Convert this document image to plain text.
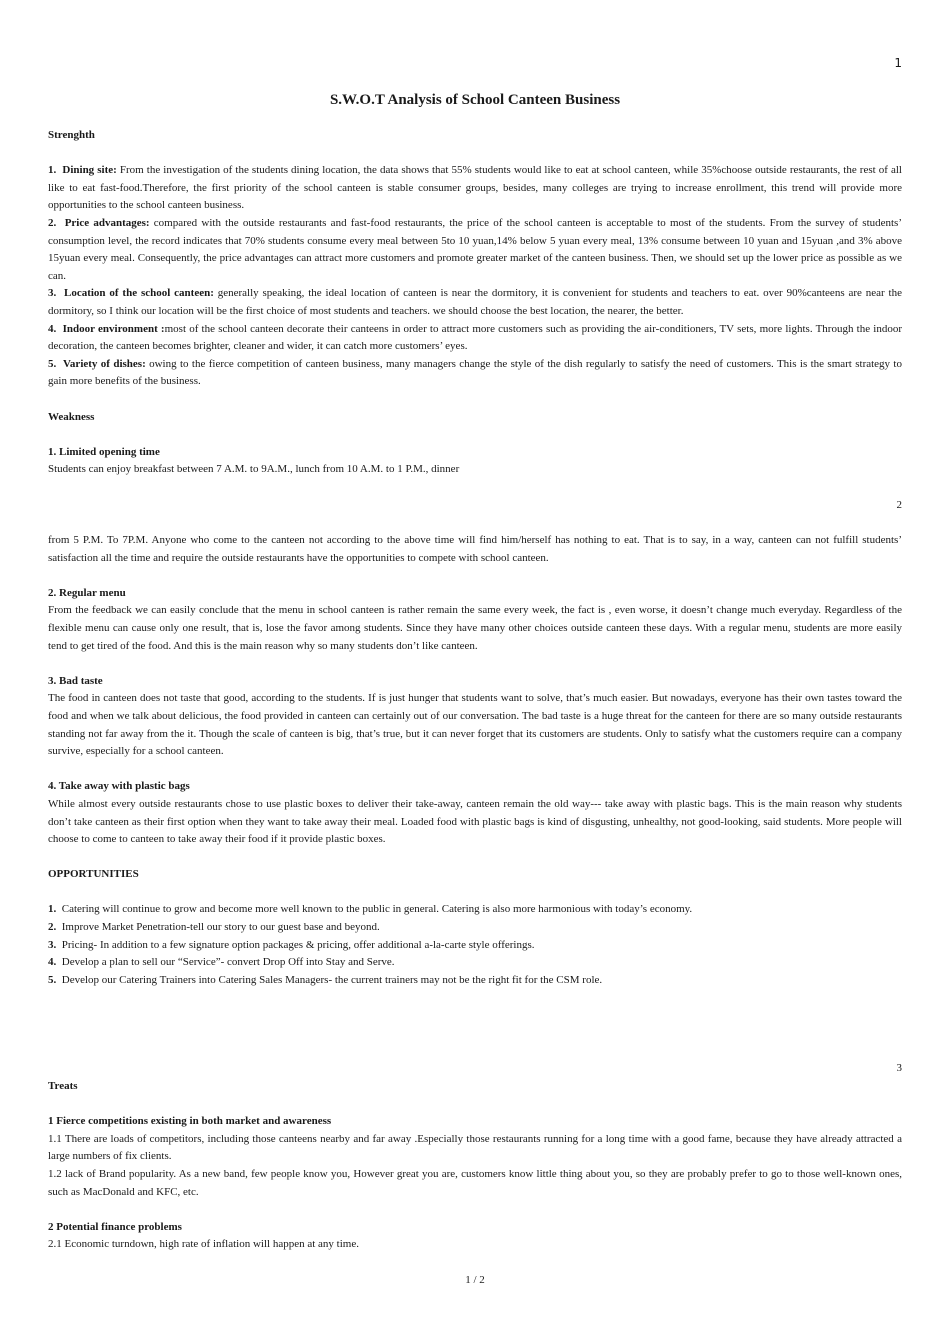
1
S.W.O.T Analysis of School Canteen Business

Strenghth

1. Dining site: From the investigation of the students dining location, the data shows that 55% students would like to eat at school canteen, while 35%choose outside restaurants, the rest of all like to eat fast-food.Therefore, the first priority of the school canteen is stable consumer groups, besides, many colleges are trying to increase enrollment, this trend will provide more opportunities to the school canteen business.

2. Price advantages: compared with the outside restaurants and fast-food restaurants, the price of the school canteen is acceptable to most of the students. From the survey of students’ consumption level, the record indicates that 70% students consume every meal between 5to 10 yuan,14% below 5 yuan every meal, 13% consume between 10 yuan and 15yuan ,and 3% above 15yuan every meal. Consequently, the price advantages can attract more customers and promote greater market of the canteen business. Then, we should set up the lower price as possible as we can.

3. Location of the school canteen: generally speaking, the ideal location of canteen is near the dormitory, it is convenient for students and teachers to eat. over 90%canteens are near the dormitory, so I think our location will be the first choice of most students and teachers. we should choose the best location, the nearer, the better.

4. Indoor environment :most of the school canteen decorate their canteens in order to attract more customers such as providing the air-conditioners, TV sets, more lights. Through the indoor decoration, the canteen becomes brighter, cleaner and wider, it can catch more customers’ eyes.

5. Variety of dishes: owing to the fierce competition of canteen business, many managers change the style of the dish regularly to satisfy the need of customers. This is the smart strategy to gain more benefits of the business.

Weakness

1. Limited opening time

Students can enjoy breakfast between 7 A.M. to 9A.M., lunch from 10 A.M. to 1 P.M., dinner

2

from 5 P.M. To 7P.M. Anyone who come to the canteen not according to the above time will find him/herself has nothing to eat. That is to say, in a way, canteen can not fulfill students’ satisfaction all the time and require the outside restaurants have the opportunities to compete with school canteen.

2. Regular menu

From the feedback we can easily conclude that the menu in school canteen is rather remain the same every week, the fact is , even worse, it doesn’t change much everyday. Regardless of the flexible menu can cause only one result, that is, lose the favor among students. Since they have many other choices outside canteen these days. With a regular menu, students are more easily tend to get tired of the food. And this is the main reason why so many students don’t like canteen.

3. Bad taste

The food in canteen does not taste that good, according to the students. If is just hunger that students want to solve, that’s much easier. But nowadays, everyone has their own tastes toward the food and when we talk about delicious, the food provided in canteen can certainly out of our conversation. The bad taste is a huge threat for the canteen for there are so many outside restaurants standing not far away from the it. Though the scale of canteen is big, that’s true, but it can never forget that its customers are students. Only to satisfy what the customers require can a company survive, especially for a school canteen.

4. Take away with plastic bags

While almost every outside restaurants chose to use plastic boxes to deliver their take-away, canteen remain the old way--- take away with plastic bags. This is the main reason why students don’t take canteen as their first option when they want to take away their meal. Loaded food with plastic bags is kind of disgusting, unhealthy, not good-looking, said students. More people will choose to come to canteen to take away their food if it provide plastic boxes.

OPPORTUNITIES

1. Catering will continue to grow and become more well known to the public in general. Catering is also more harmonious with today’s economy.

2. Improve Market Penetration-tell our story to our guest base and beyond.

3. Pricing- In addition to a few signature option packages & pricing, offer additional a-la-carte style offerings.

4. Develop a plan to sell our “Service”- convert Drop Off into Stay and Serve.

5. Develop our Catering Trainers into Catering Sales Managers- the current trainers may not be the right fit for the CSM role.

3

Treats

1 Fierce competitions existing in both market and awareness

1.1 There are loads of competitors, including those canteens nearby and far away .Especially those restaurants running for a long time with a good fame, because they have already attracted a large numbers of fix clients.

1.2 lack of Brand popularity. As a new band, few people know you, However great you are, customers know little thing about you, so they are probably prefer to go to those well-known ones, such as MacDonald and KFC, etc.

2 Potential finance problems

2.1 Economic turndown, high rate of inflation will happen at any time.

1 / 2
